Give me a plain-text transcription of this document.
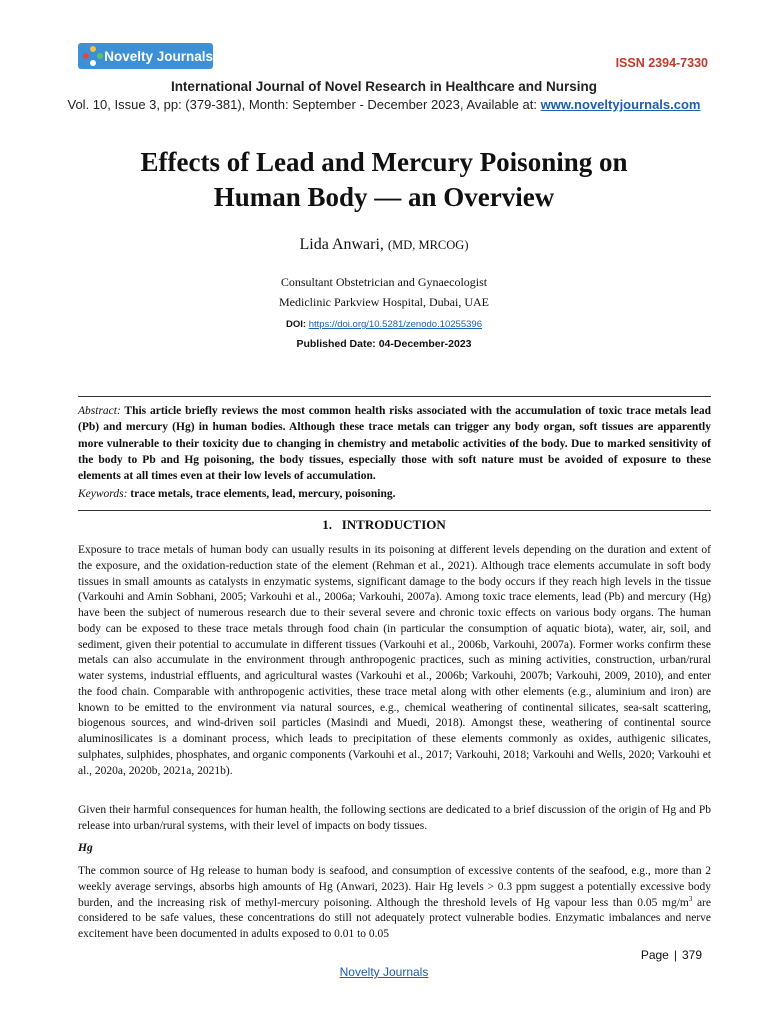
Novelty Journals	ISSN 2394-7330
International Journal of Novel Research in Healthcare and Nursing
Vol. 10, Issue 3, pp: (379-381), Month: September - December 2023, Available at: www.noveltyjournals.com
Effects of Lead and Mercury Poisoning on
Human Body — an Overview
Lida Anwari, (MD, MRCOG)
Consultant Obstetrician and Gynaecologist
Mediclinic Parkview Hospital, Dubai, UAE
DOI: https://doi.org/10.5281/zenodo.10255396
Published Date: 04-December-2023
Abstract: This article briefly reviews the most common health risks associated with the accumulation of toxic trace metals lead (Pb) and mercury (Hg) in human bodies. Although these trace metals can trigger any body organ, soft tissues are apparently more vulnerable to their toxicity due to changing in chemistry and metabolic activities of the body. Due to marked sensitivity of the body to Pb and Hg poisoning, the body tissues, especially those with soft nature must be avoided of exposure to these elements at all times even at their low levels of accumulation.
Keywords: trace metals, trace elements, lead, mercury, poisoning.
1.   INTRODUCTION

Exposure to trace metals of human body can usually results in its poisoning at different levels depending on the duration and extent of the exposure, and the oxidation-reduction state of the element (Rehman et al., 2021). Although trace elements accumulate in soft body tissues in small amounts as catalysts in enzymatic systems, significant damage to the body occurs if they reach high levels in the tissue (Varkouhi and Amin Sobhani, 2005; Varkouhi et al., 2006a; Varkouhi, 2007a). Among toxic trace elements, lead (Pb) and mercury (Hg) have been the subject of numerous research due to their several severe and chronic toxic effects on various body organs. The human body can be exposed to these trace metals through food chain (in particular the consumption of aquatic biota), water, air, soil, and sediment, given their potential to accumulate in different tissues (Varkouhi et al., 2006b, Varkouhi, 2007a). Former works confirm these metals can also accumulate in the environment through anthropogenic practices, such as mining activities, construction, urban/rural water systems, industrial effluents, and agricultural wastes (Varkouhi et al., 2006b; Varkouhi, 2007b; Varkouhi, 2009, 2010), and enter the food chain. Comparable with anthropogenic activities, these trace metal along with other elements (e.g., aluminium and iron) are known to be emitted to the environment via natural sources, e.g., chemical weathering of continental silicates, sea-salt scattering, biogenous sources, and wind-driven soil particles (Masindi and Muedi, 2018). Amongst these, weathering of continental source aluminosilicates is a dominant process, which leads to precipitation of these elements commonly as oxides, authigenic silicates, sulphates, sulphides, phosphates, and organic components (Varkouhi et al., 2017; Varkouhi, 2018; Varkouhi and Wells, 2020; Varkouhi et al., 2020a, 2020b, 2021a, 2021b).

Given their harmful consequences for human health, the following sections are dedicated to a brief discussion of the origin of Hg and Pb release into urban/rural systems, with their level of impacts on body tissues.

Hg

The common source of Hg release to human body is seafood, and consumption of excessive contents of the seafood, e.g., more than 2 weekly average servings, absorbs high amounts of Hg (Anwari, 2023). Hair Hg levels > 0.3 ppm suggest a potentially excessive body burden, and the increasing risk of methyl-mercury poisoning. Although the threshold levels of Hg vapour less than 0.05 $mg/m^3$ are considered to be safe values, these concentrations do still not adequately protect vulnerable bodies. Enzymatic imbalances and nerve excitement have been documented in adults exposed to 0.01 to 0.05

Page | 379
Novelty Journals
